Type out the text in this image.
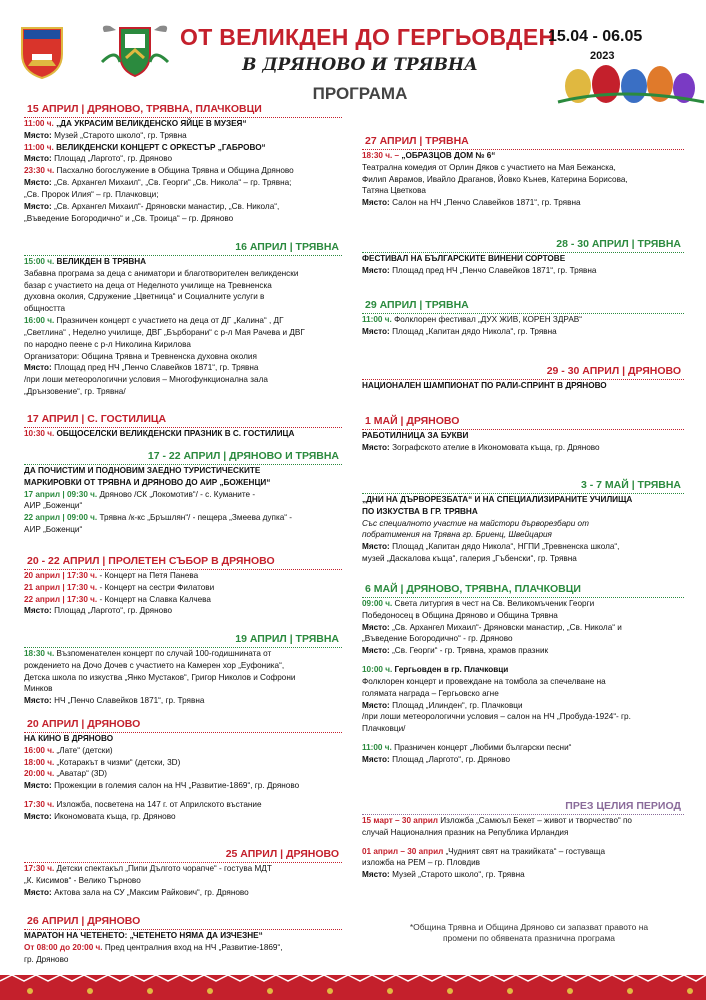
ОТ ВЕЛИКДЕН ДО ГЕРГЬОВДЕН
В ДРЯНОВО И ТРЯВНА
ПРОГРАМА
15.04 - 06.05
2023
15 АПРИЛ | ДРЯНОВО, ТРЯВНА, ПЛАЧКОВЦИ
11:00 ч. „ДА УКРАСИМ ВЕЛИКДЕНСКО ЯЙЦЕ В МУЗЕЯ“
Място: Музей „Старото школо“, гр. Трявна
11:00 ч. ВЕЛИКДЕНСКИ КОНЦЕРТ С ОРКЕСТЪР „ГАБРОВО“
Място: Площад „Ларгото“, гр. Дряново
23:30 ч. Пасхално богослужение в Община Трявна и Община Дряново
Място: „Св. Архангел Михаил“, „Св. Георги“ „Св. Никола“ – гр. Трявна;
„Св. Пророк Илия“ – гр. Плачковци;
Място: „Св. Архангел Михаил“- Дряновски манастир, „Св. Никола“,
„Въведение Богородично“ и „Св. Троица“ – гр. Дряново
16 АПРИЛ | ТРЯВНА
15:00 ч. ВЕЛИКДЕН В ТРЯВНА
Забавна програма за деца с аниматори и благотворителен великденски
базар с участието на деца от Неделното училище на Тревненска
духовна околия, Сдружение „Цветница“ и Социалните услуги в
общността
16:00 ч. Празничен концерт с участието на деца от ДГ „Калина“ , ДГ
„Светлина“ , Неделно училище, ДВГ „Бърборани“ с р-л Мая Рачева и ДВГ
по народно пеене с р-л Николина Кирилова
Организатори: Община Трявна и Тревненска духовна околия
Място: Площад пред НЧ „Пенчо Славейков 1871“, гр. Трявна
/при лоши метеорологични условия – Многофункционална зала
„Дрънзовение“, гр. Трявна/
17 АПРИЛ | С. ГОСТИЛИЦА
10:30 ч. ОБЩОСЕЛСКИ ВЕЛИКДЕНСКИ ПРАЗНИК В С. ГОСТИЛИЦА
17 - 22 АПРИЛ | ДРЯНОВО И ТРЯВНА
ДА ПОЧИСТИМ И ПОДНОВИМ ЗАЕДНО ТУРИСТИЧЕСКИТЕ
МАРКИРОВКИ ОТ ТРЯВНА И ДРЯНОВО ДО АИР „БОЖЕНЦИ“
17 април | 09:30 ч. Дряново /СК „Локомотив“/ - с. Куманите -
АИР „Боженци“
22 април | 09:00 ч. Трявна /к-кс „Бръшлян“/ - пещера „Змеева дупка“ -
АИР „Боженци“
20 - 22 АПРИЛ | ПРОЛЕТЕН СЪБОР В ДРЯНОВО
20 април | 17:30 ч. - Концерт на Петя Панева
21 април | 17:30 ч. - Концерт на сестри Филатови
22 април | 17:30 ч. - Концерт на Славка Калчева
Място: Площад „Ларгото“, гр. Дряново
19 АПРИЛ | ТРЯВНА
18:30 ч. Възпоменателен концерт по случай 100-годишнината от
рождението на Дочо Дочев с участието на Камерен хор „Еуфоника“,
Детска школа по изкуства „Янко Мустаков“, Григор Николов и Софрони
Минков
Място: НЧ „Пенчо Славейков 1871“, гр. Трявна
20 АПРИЛ | ДРЯНОВО
НА КИНО В ДРЯНОВО
16:00 ч. „Лате“ (детски)
18:00 ч. „Котаракът в чизми“ (детски, 3D)
20:00 ч. „Аватар“ (3D)
Място: Прожекции в големия салон на НЧ „Развитие-1869“, гр. Дряново
17:30 ч. Изложба, посветена на 147 г. от Априлското въстание
Място: Икономовата къща, гр. Дряново
25 АПРИЛ | ДРЯНОВО
17:30 ч. Детски спектакъл „Пипи Дългото чорапче“ - гостува МДТ
„К. Кисимов“ - Велико Търново
Място: Актова зала на СУ „Максим Райкович“, гр. Дряново
26 АПРИЛ | ДРЯНОВО
МАРАТОН НА ЧЕТЕНЕТО: „ЧЕТЕНЕТО НЯМА ДА ИЗЧЕЗНЕ“
От 08:00 до 20:00 ч. Пред централния вход на НЧ „Развитие-1869“,
гр. Дряново
27 АПРИЛ | ТРЯВНА
18:30 ч. – „ОБРАЗЦОВ ДОМ № 6“
Театрална комедия от Орлин Дяков с участието на Мая Бежанска,
Филип Аврамов, Ивайло Драганов, Йовко Кънев, Катерина Борисова,
Татяна Цветкова
Място: Салон на НЧ „Пенчо Славейков 1871“, гр. Трявна
28 - 30 АПРИЛ | ТРЯВНА
ФЕСТИВАЛ НА БЪЛГАРСКИТЕ ВИНЕНИ СОРТОВЕ
Място: Площад пред НЧ „Пенчо Славейков 1871“, гр. Трявна
29 АПРИЛ | ТРЯВНА
11:00 ч. Фолклорен фестивал „ДУХ ЖИВ, КОРЕН ЗДРАВ“
Място: Площад „Капитан дядо Никола“, гр. Трявна
29 - 30 АПРИЛ | ДРЯНОВО
НАЦИОНАЛЕН ШАМПИОНАТ ПО РАЛИ-СПРИНТ В ДРЯНОВО
1 МАЙ | ДРЯНОВО
РАБОТИЛНИЦА ЗА БУКВИ
Място: Зографското ателие в Икономовата къща, гр. Дряново
3 - 7 МАЙ | ТРЯВНА
„ДНИ НА ДЪРВОРЕЗБАТА“ И НА СПЕЦИАЛИЗИРАНИТЕ УЧИЛИЩА
ПО ИЗКУСТВА В ГР. ТРЯВНА
Със специалното участие на майстори дърворезбари от
побратимения на Трявна гр. Бриенц, Швейцария
Място: Площад „Капитан дядо Никола“, НГПИ „Тревненска школа“,
музей „Даскалова къща“, галерия „Гъбенски“, гр. Трявна
6 МАЙ | ДРЯНОВО, ТРЯВНА, ПЛАЧКОВЦИ
09:00 ч. Света литургия в чест на Св. Великомъченик Георги
Победоносец в Община Дряново и Община Трявна
Място: „Св. Архангел Михаил“- Дряновски манастир, „Св. Никола“ и
„Въведение Богородично“ - гр. Дряново
Място: „Св. Георги“ - гр. Трявна, храмов празник
10:00 ч. Гергьовден в гр. Плачковци
Фолклорен концерт и провеждане на томбола за спечелване на
голямата награда – Гергьовско агне
Място: Площад „Илинден“, гр. Плачковци
/при лоши метеорологични условия – салон на НЧ „Пробуда-1924“- гр.
Плачковци/
11:00 ч. Празничен концерт „Любими български песни“
Място: Площад „Ларгото“, гр. Дряново
ПРЕЗ ЦЕЛИЯ ПЕРИОД
15 март – 30 април Изложба „Самюъл Бекет – живот и творчество“ по
случай Националния празник на Република Ирландия
01 април – 30 април „Чудният свят на тракийката“ – гостуваща
изложба на РЕМ – гр. Пловдив
Място: Музей „Старото школо“, гр. Трявна
*Община Трявна и Община Дряново си запазват правото на
промени по обявената празнична програма
